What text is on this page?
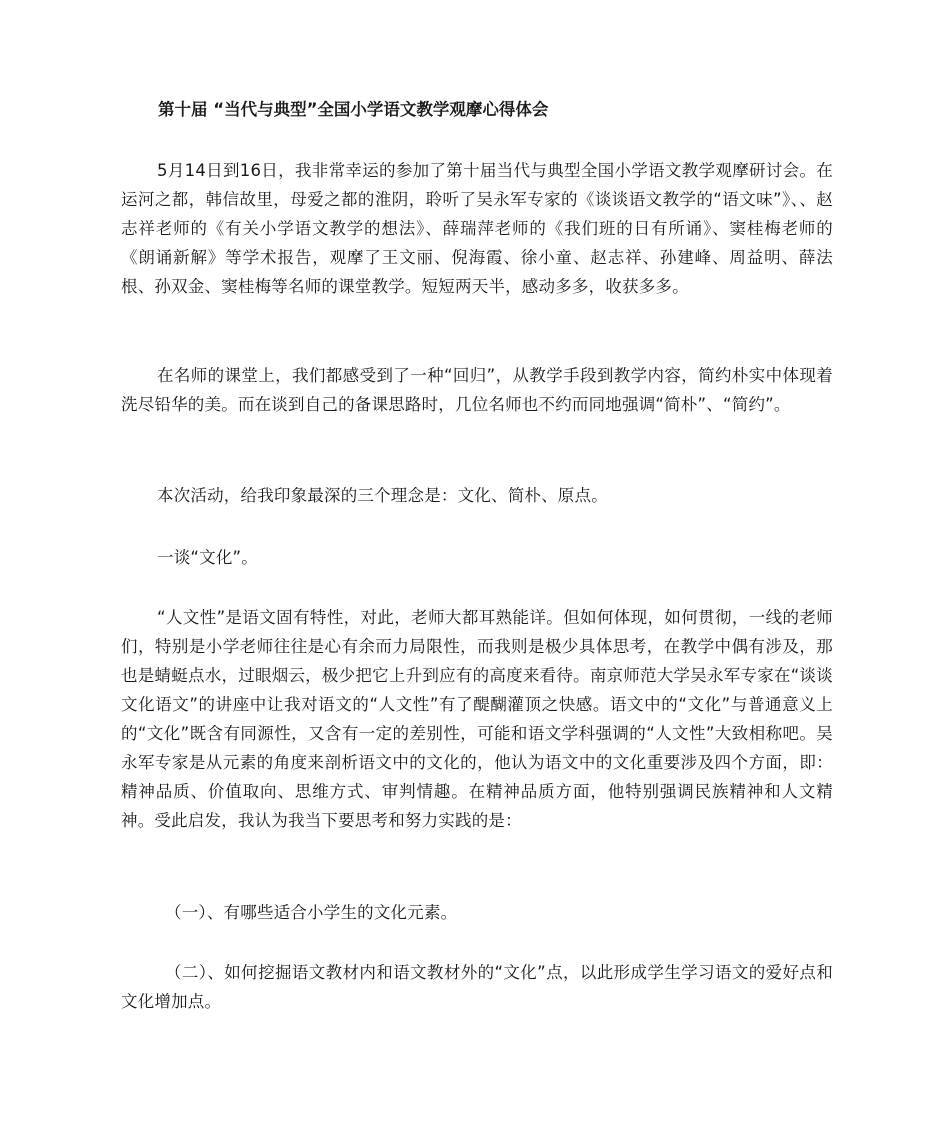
第十届 “当代与典型”全国小学语文教学观摩心得体会

5月14日到16日，我非常幸运的参加了第十届当代与典型全国小学语文教学观摩研讨会。在运河之都，韩信故里，母爱之都的淮阴，聆听了吴永军专家的《谈谈语文教学的“语文味”》、、赵志祥老师的《有关小学语文教学的想法》、薛瑞萍老师的《我们班的日有所诵》、窦桂梅老师的《朗诵新解》等学术报告，观摩了王文丽、倪海霞、徐小童、赵志祥、孙建峰、周益明、薛法根、孙双金、窦桂梅等名师的课堂教学。短短两天半，感动多多，收获多多。

在名师的课堂上，我们都感受到了一种“回归”，从教学手段到教学内容，简约朴实中体现着洗尽铅华的美。而在谈到自己的备课思路时，几位名师也不约而同地强调“简朴”、“简约”。

本次活动，给我印象最深的三个理念是：文化、简朴、原点。

一谈“文化”。

“人文性”是语文固有特性，对此，老师大都耳熟能详。但如何体现，如何贯彻，一线的老师们，特别是小学老师往往是心有余而力局限性，而我则是极少具体思考，在教学中偶有涉及，那也是蜻蜓点水，过眼烟云，极少把它上升到应有的高度来看待。南京师范大学吴永军专家在“谈谈文化语文”的讲座中让我对语文的“人文性”有了醍醐灌顶之快感。语文中的“文化”与普通意义上的“文化”既含有同源性，又含有一定的差别性，可能和语文学科强调的“人文性”大致相称吧。吴永军专家是从元素的角度来剖析语文中的文化的，他认为语文中的文化重要涉及四个方面，即：精神品质、价值取向、思维方式、审判情趣。在精神品质方面，他特别强调民族精神和人文精神。受此启发，我认为我当下要思考和努力实践的是：

（一）、有哪些适合小学生的文化元素。

（二）、如何挖掘语文教材内和语文教材外的“文化”点，以此形成学生学习语文的爱好点和文化增加点。
